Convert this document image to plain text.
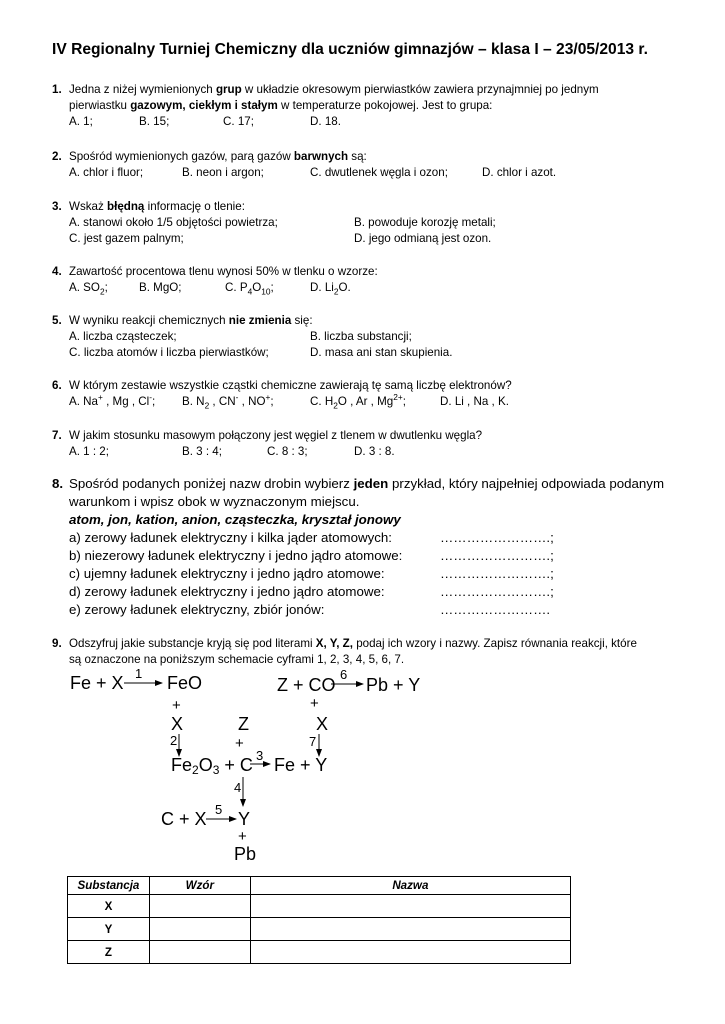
IV Regionalny Turniej Chemiczny dla uczniów gimnazjów – klasa I – 23/05/2013 r.
1. Jedna z niżej wymienionych grup w układzie okresowym pierwiastków zawiera przynajmniej po jednym
pierwiastku gazowym, ciekłym i stałym w temperaturze pokojowej. Jest to grupa:
A. 1;	B. 15;	C. 17;	D. 18.
2. Spośród wymienionych gazów, parą gazów barwnych są:
A. chlor i fluor;	B. neon i argon;	C. dwutlenek węgla i ozon;	D. chlor i azot.
3. Wskaż błędną informację o tlenie:
A. stanowi około 1/5 objętości powietrza;	B. powoduje korozję metali;
C. jest gazem palnym;	D. jego odmianą jest ozon.
4. Zawartość procentowa tlenu wynosi 50% w tlenku o wzorze:
A. $SO_2$;	B. MgO;	C. $P_4O_{10}$;	D. $Li_2O$.
5. W wyniku reakcji chemicznych nie zmienia się:
A. liczba cząsteczek;	B. liczba substancji;
C. liczba atomów i liczba pierwiastków;	D. masa ani stan skupienia.
6. W którym zestawie wszystkie cząstki chemiczne zawierają tę samą liczbę elektronów?
A. Na+ , Mg , Cl-; B. $N_2$ , CN- , NO+;	C. $H_2O$ , Ar , $Mg^{2+}$;	D. Li , Na , K.
7. W jakim stosunku masowym połączony jest węgiel z tlenem w dwutlenku węgla?
A. 1 : 2;	B. 3 : 4;	C. 8 : 3;	D. 3 : 8.
8. Spośród podanych poniżej nazw drobin wybierz jeden przykład, który najpełniej odpowiada podanym
warunkom i wpisz obok w wyznaczonym miejscu.
atom, jon, kation, anion, cząsteczka, kryształ jonowy
a) zerowy ładunek elektryczny i kilka jąder atomowych:	…………………….;
b) niezerowy ładunek elektryczny i jedno jądro atomowe:	…………………….;
c) ujemny ładunek elektryczny i jedno jądro atomowe:	…………………….;
d) zerowy ładunek elektryczny i jedno jądro atomowe:	…………………….;
e) zerowy ładunek elektryczny, zbiór jonów:	…………………….
9. Odszyfruj jakie substancje kryją się pod literami X, Y, Z, podaj ich wzory i nazwy. Zapisz równania reakcji, które
są oznaczone na poniższym schemacie cyframi 1, 2, 3, 4, 5, 6, 7.
Fe + X 1 FeO	Z + CO
6
Pb + Y
+	+
X	Z	X
2	+	7
Fe2O3 + C 3 Fe + Y
4
C + X 5 Y
+
Pb
Substancja	Wzór	Nazwa
X		
Y		
Z		
